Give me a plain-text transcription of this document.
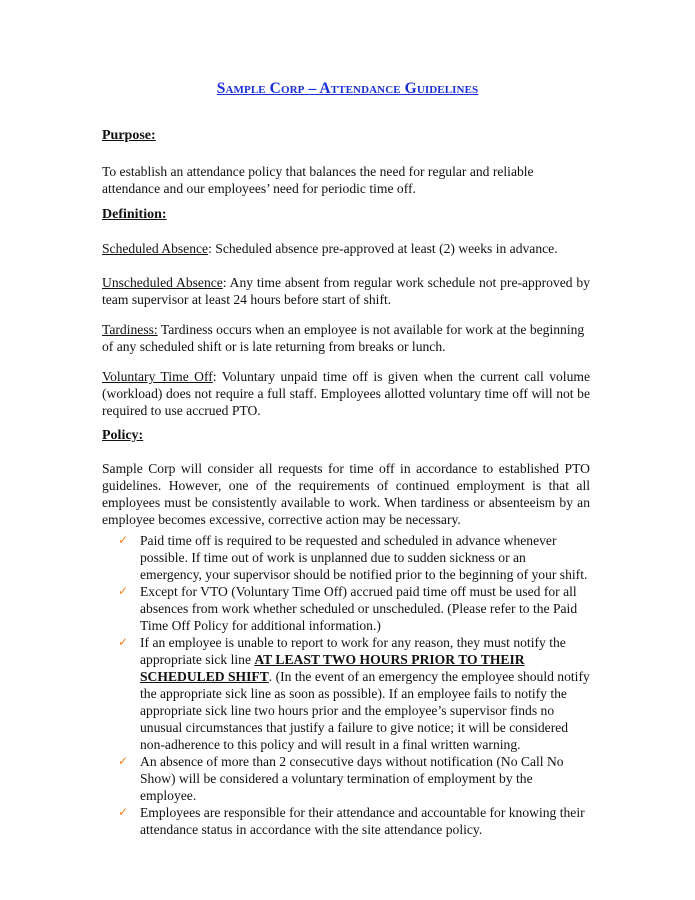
Sample Corp – Attendance Guidelines
Purpose:
To establish an attendance policy that balances the need for regular and reliable attendance and our employees’ need for periodic time off.
Definition:
Scheduled Absence: Scheduled absence pre-approved at least (2) weeks in advance.
Unscheduled Absence: Any time absent from regular work schedule not pre-approved by team supervisor at least 24 hours before start of shift.
Tardiness: Tardiness occurs when an employee is not available for work at the beginning of any scheduled shift or is late returning from breaks or lunch.
Voluntary Time Off: Voluntary unpaid time off is given when the current call volume (workload) does not require a full staff. Employees allotted voluntary time off will not be required to use accrued PTO.
Policy:
Sample Corp will consider all requests for time off in accordance to established PTO guidelines. However, one of the requirements of continued employment is that all employees must be consistently available to work. When tardiness or absenteeism by an employee becomes excessive, corrective action may be necessary.
✓ Paid time off is required to be requested and scheduled in advance whenever possible. If time out of work is unplanned due to sudden sickness or an emergency, your supervisor should be notified prior to the beginning of your shift.
✓ Except for VTO (Voluntary Time Off) accrued paid time off must be used for all absences from work whether scheduled or unscheduled. (Please refer to the Paid Time Off Policy for additional information.)
✓ If an employee is unable to report to work for any reason, they must notify the appropriate sick line AT LEAST TWO HOURS PRIOR TO THEIR SCHEDULED SHIFT. (In the event of an emergency the employee should notify the appropriate sick line as soon as possible). If an employee fails to notify the appropriate sick line two hours prior and the employee’s supervisor finds no unusual circumstances that justify a failure to give notice; it will be considered non-adherence to this policy and will result in a final written warning.
✓ An absence of more than 2 consecutive days without notification (No Call No Show) will be considered a voluntary termination of employment by the employee.
✓ Employees are responsible for their attendance and accountable for knowing their attendance status in accordance with the site attendance policy.
